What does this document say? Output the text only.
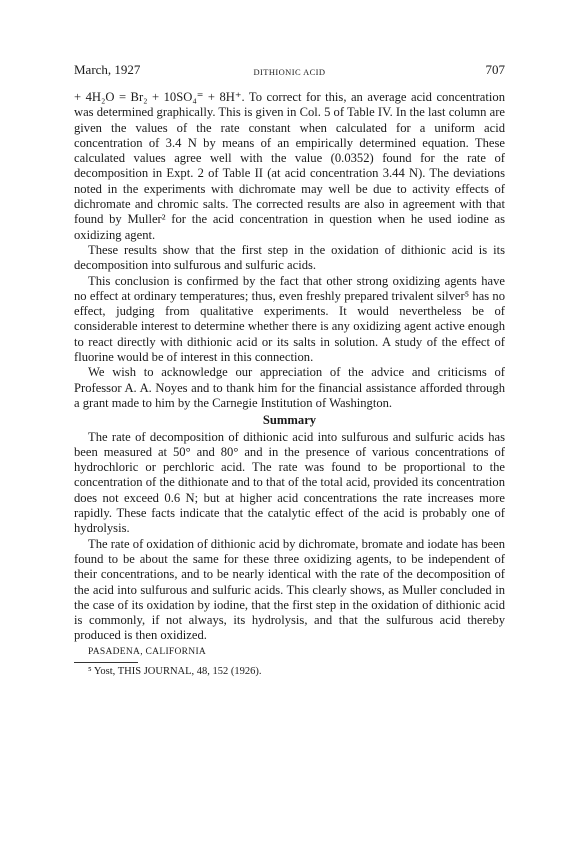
March, 1927	DITHIONIC ACID	707

+ 4H₂O = Br₂ + 10SO₄⁼ + 8H⁺. To correct for this, an average acid concentration was determined graphically. This is given in Col. 5 of Table IV. In the last column are given the values of the rate constant when calculated for a uniform acid concentration of 3.4 N by means of an empirically determined equation. These calculated values agree well with the value (0.0352) found for the rate of decomposition in Expt. 2 of Table II (at acid concentration 3.44 N). The deviations noted in the experiments with dichromate may well be due to activity effects of dichromate and chromic salts. The corrected results are also in agreement with that found by Muller² for the acid concentration in question when he used iodine as oxidizing agent.

These results show that the first step in the oxidation of dithionic acid is its decomposition into sulfurous and sulfuric acids.

This conclusion is confirmed by the fact that other strong oxidizing agents have no effect at ordinary temperatures; thus, even freshly prepared trivalent silver⁵ has no effect, judging from qualitative experiments. It would nevertheless be of considerable interest to determine whether there is any oxidizing agent active enough to react directly with dithionic acid or its salts in solution. A study of the effect of fluorine would be of interest in this connection.

We wish to acknowledge our appreciation of the advice and criticisms of Professor A. A. Noyes and to thank him for the financial assistance afforded through a grant made to him by the Carnegie Institution of Washington.

Summary

The rate of decomposition of dithionic acid into sulfurous and sulfuric acids has been measured at 50° and 80° and in the presence of various concentrations of hydrochloric or perchloric acid. The rate was found to be proportional to the concentration of the dithionate and to that of the total acid, provided its concentration does not exceed 0.6 N; but at higher acid concentrations the rate increases more rapidly. These facts indicate that the catalytic effect of the acid is probably one of hydrolysis.

The rate of oxidation of dithionic acid by dichromate, bromate and iodate has been found to be about the same for these three oxidizing agents, to be independent of their concentrations, and to be nearly identical with the rate of the decomposition of the acid into sulfurous and sulfuric acids. This clearly shows, as Muller concluded in the case of its oxidation by iodine, that the first step in the oxidation of dithionic acid is commonly, if not always, its hydrolysis, and that the sulfurous acid thereby produced is then oxidized.

PASADENA, CALIFORNIA
⁵ Yost, THIS JOURNAL, 48, 152 (1926).
